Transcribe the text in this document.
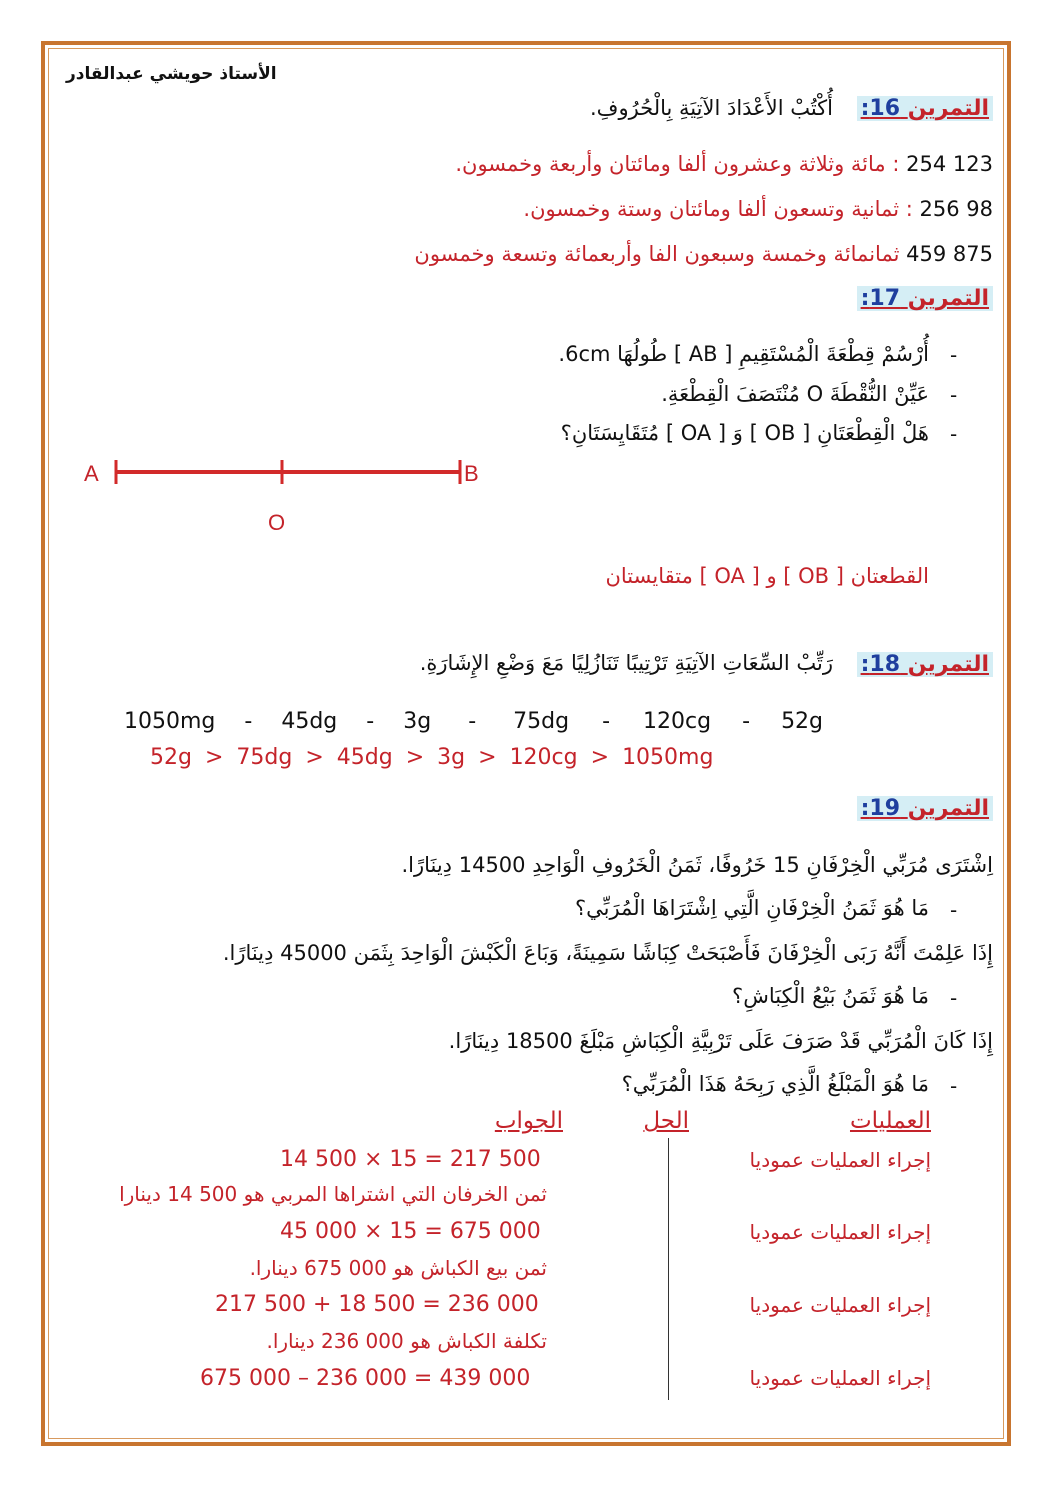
الأستاذ حويشي عبدالقادر
التمرين 16:
أُكْتُبْ الأَعْدَادَ الآتِيَةِ بِالْحُرُوفِ.
123 254 : مائة وثلاثة وعشرون ألفا ومائتان وأربعة وخمسون.
98 256 : ثمانية وتسعون ألفا ومائتان وستة وخمسون.
875 459 ثمانمائة وخمسة وسبعون الفا وأربعمائة وتسعة وخمسون
التمرين 17:
-
أُرْسُمْ قِطْعَةَ الْمُسْتَقِيمِ [ AB ] طُولُهَا 6cm.
-
عَيِّنْ النُّقْطَةَ O مُنْتَصَفَ الْقِطْعَةِ.
-
هَلْ الْقِطْعَتَانِ [ OB ] وَ [ OA ] مُتَقَايِسَتَانِ؟
A	B
O
القطعتان [ OB ] و [ OA ] متقايستان
التمرين 18:
رَتِّبْ السِّعَاتِ الآتِيَةِ تَرْتِيبًا تَنَازُلِيًا مَعَ وَضْعِ الإِشَارَةِ.
1050mg - 45dg - 3g - 75dg - 120cg - 52g
52g > 75dg > 45dg > 3g > 120cg > 1050mg
التمرين 19:
اِشْتَرَى مُرَبِّي الْخِرْفَانِ 15 خَرُوفًا، ثَمَنُ الْخَرُوفِ الْوَاحِدِ 14500 دِينَارًا.
-
مَا هُوَ ثَمَنُ الْخِرْفَانِ الَّتِي اِشْتَرَاهَا الْمُرَبِّي؟
إِذَا عَلِمْتَ أَنَّهُ رَبَى الْخِرْفَانَ فَأَصْبَحَتْ كِبَاشًا سَمِينَةً، وَبَاعَ الْكَبْشَ الْوَاحِدَ بِثَمَن 45000 دِينَارًا.
-
مَا هُوَ ثَمَنُ بَيْعُ الْكِبَاشِ؟
إِذَا كَانَ الْمُرَبِّي قَدْ صَرَفَ عَلَى تَرْبِيَّةِ الْكِبَاشِ مَبْلَغَ 18500 دِينَارًا.
-
مَا هُوَ الْمَبْلَغُ الَّذِي رَبِحَهُ هَذَا الْمُرَبِّي؟
العمليات
الحل
الجواب
إجراء العمليات عموديا
14 500 × 15 = 217 500
ثمن الخرفان التي اشتراها المربي هو 500 14 دينارا
إجراء العمليات عموديا
45 000 × 15 = 675 000
ثمن بيع الكباش هو 000 675 دينارا.
إجراء العمليات عموديا
217 500 + 18 500 = 236 000
تكلفة الكباش هو 000 236 دينارا.
إجراء العمليات عموديا
675 000 – 236 000 = 439 000
